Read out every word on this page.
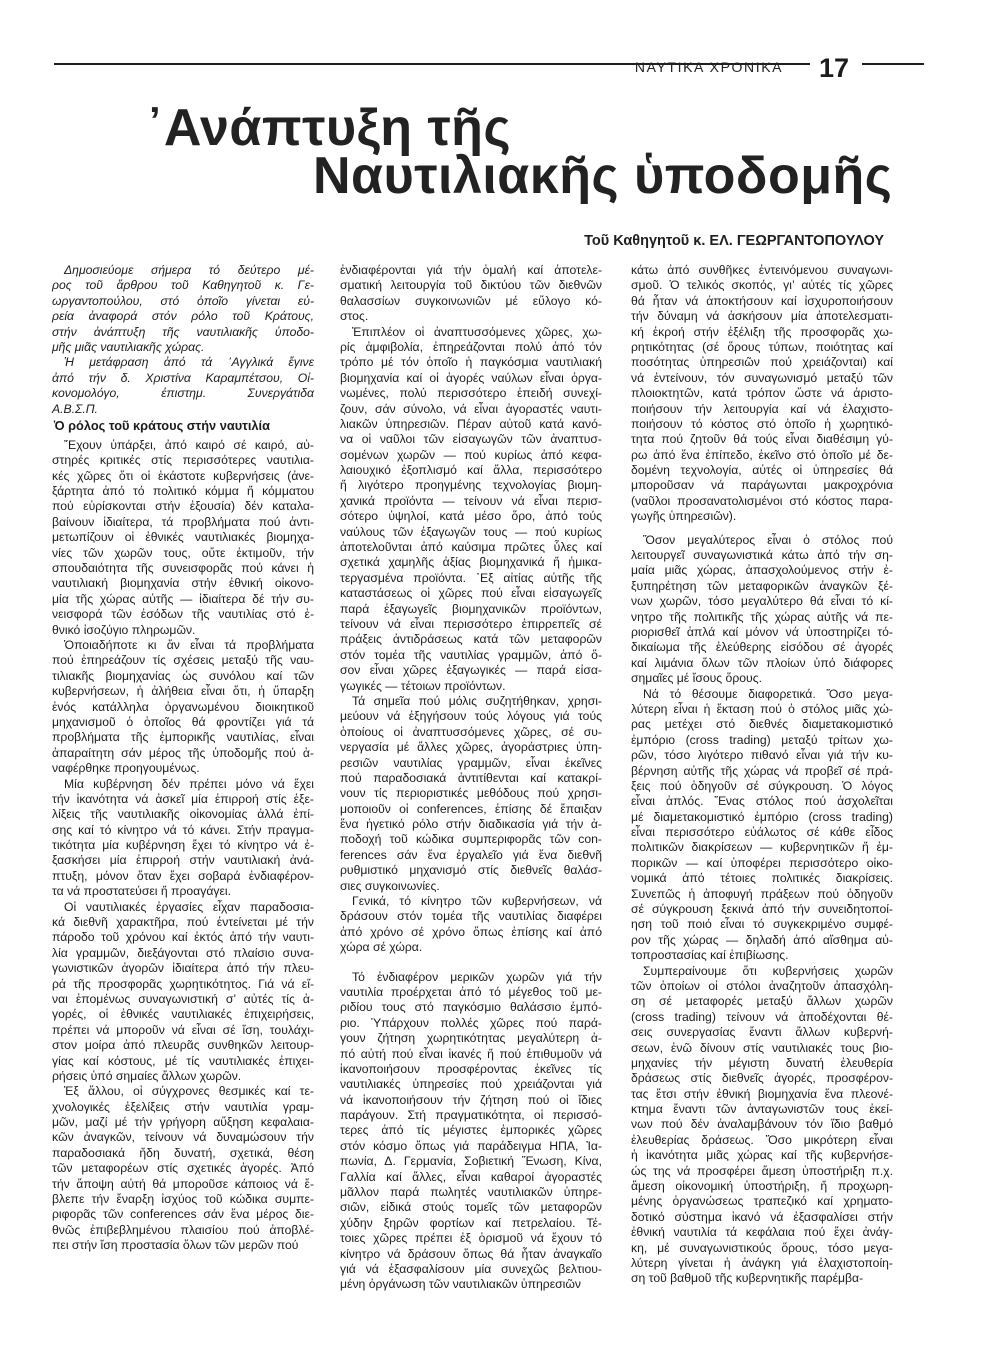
ΝΑΥΤΙΚΑ ΧΡΟΝΙΚΑ	17
᾿Ανάπτυξη τῆς
Ναυτιλιακῆς ὑποδομῆς
Τοῦ Καθηγητοῦ κ. ΕΛ. ΓΕΩΡΓΑΝΤΟΠΟΥΛΟΥ
Δημοσιεύομε σήμερα τό δεύτερο μέ-
ρος τοῦ ἄρθρου τοῦ Καθηγητοῦ κ. Γε-
ωργαντοπούλου, στό ὁποῖο γίνεται εὐ-
ρεία ἀναφορά στόν ρόλο τοῦ Κράτους,
στήν ἀνάπτυξη τῆς ναυτιλιακῆς ὑποδο-
μῆς μιᾶς ναυτιλιακῆς χώρας.
Ἡ μετάφραση ἀπό τά ᾿Αγγλικά ἔγινε
ἀπό τήν δ. Χριστίνα Καραμπέτσου, Οἰ-
κονομολόγο, ἐπιστημ. Συνεργάτιδα
Α.Β.Σ.Π.
Ὁ ρόλος τοῦ κράτους στήν ναυτιλία
῎Εχουν ὑπάρξει, ἀπό καιρό σέ καιρό, αὐ-
στηρές κριτικές στίς περισσότερες ναυτιλια-
κές χῶρες ὅτι οἱ ἑκάστοτε κυβερνήσεις (ἀνε-
ξάρτητα ἀπό τό πολιτικό κόμμα ἤ κόμματου
πού εὑρίσκονται στήν ἐξουσία) δέν καταλα-
βαίνουν ἰδιαίτερα, τά προβλήματα πού ἀντι-
μετωπίζουν οἱ ἐθνικές ναυτιλιακές βιομηχα-
νίες τῶν χωρῶν τους, οὔτε ἐκτιμοῦν, τήν
σπουδαιότητα τῆς συνεισφορᾶς πού κάνει ἡ
ναυτιλιακή βιομηχανία στήν ἐθνική οἰκονο-
μία τῆς χώρας αὐτῆς — ἰδιαίτερα δέ τήν συ-
νεισφορά τῶν ἐσόδων τῆς ναυτιλίας στό ἐ-
θνικό ἰσοζύγιο πληρωμῶν.
Ὁποιαδήποτε κι ἄν εἶναι τά προβλήματα
πού ἐπηρεάζουν τίς σχέσεις μεταξύ τῆς ναυ-
τιλιακῆς βιομηχανίας ὡς συνόλου καί τῶν
κυβερνήσεων, ἡ ἀλήθεια εἶναι ὅτι, ἡ ὕπαρξη
ἑνός κατάλληλα ὀργανωμένου διοικητικοῦ
μηχανισμοῦ ὁ ὁποῖος θά φροντίζει γιά τά
προβλήματα τῆς ἐμπορικῆς ναυτιλίας, εἶναι
ἀπαραίτητη σάν μέρος τῆς ὑποδομῆς πού ἀ-
ναφέρθηκε προηγουμένως.
Μία κυβέρνηση δέν πρέπει μόνο νά ἔχει
τήν ἱκανότητα νά ἀσκεῖ μία ἐπιρροή στίς ἐξε-
λίξεις τῆς ναυτιλιακῆς οἰκονομίας ἀλλά ἐπί-
σης καί τό κίνητρο νά τό κάνει. Στήν πραγμα-
τικότητα μία κυβέρνηση ἔχει τό κίνητρο νά ἐ-
ξασκήσει μία ἐπιρροή στήν ναυτιλιακή ἀνά-
πτυξη, μόνον ὅταν ἔχει σοβαρά ἐνδιαφέρον-
τα νά προστατεύσει ἤ προαγάγει.
Οἱ ναυτιλιακές ἐργασίες εἶχαν παραδοσια-
κά διεθνῆ χαρακτῆρα, πού ἐντείνεται μέ τήν
πάροδο τοῦ χρόνου καί ἐκτός ἀπό τήν ναυτι-
λία γραμμῶν, διεξάγονται στό πλαίσιο συνα-
γωνιστικῶν ἀγορῶν ἰδιαίτερα ἀπό τήν πλευ-
ρά τῆς προσφορᾶς χωρητικότητος. Γιά νά εἴ-
ναι ἑπομένως συναγωνιστική σ’ αὐτές τίς ἀ-
γορές, οἱ ἐθνικές ναυτιλιακές ἐπιχειρήσεις,
πρέπει νά μποροῦν νά εἶναι σέ ἴση, τουλάχι-
στον μοίρα ἀπό πλευρᾶς συνθηκῶν λειτουρ-
γίας καί κόστους, μέ τίς ναυτιλιακές ἐπιχει-
ρήσεις ὑπό σημαίες ἄλλων χωρῶν.
Ἐξ ἄλλου, οἱ σύγχρονες θεσμικές καί τε-
χνολογικές ἐξελίξεις στήν ναυτιλία γραμ-
μῶν, μαζί μέ τήν γρήγορη αὔξηση κεφαλαια-
κῶν ἀναγκῶν, τείνουν νά δυναμώσουν τήν
παραδοσιακά ἤδη δυνατή, σχετικά, θέση
τῶν μεταφορέων στίς σχετικές ἀγορές. Ἀπό
τήν ἄποψη αὐτή θά μποροῦσε κάποιος νά ἔ-
βλεπε τήν ἔναρξη ἰσχύος τοῦ κώδικα συμπε-
ριφορᾶς τῶν conferences σάν ἕνα μέρος διε-
θνῶς ἐπιβεβλημένου πλαισίου πού ἀποβλέ-
πει στήν ἴση προστασία ὅλων τῶν μερῶν πού
ἐνδιαφέρονται γιά τήν ὁμαλή καί ἀποτελε-
σματική λειτουργία τοῦ δικτύου τῶν διεθνῶν
θαλασσίων συγκοινωνιῶν μέ εὔλογο κό-
στος.
Ἐπιπλέον οἱ ἀναπτυσσόμενες χῶρες, χω-
ρίς ἀμφιβολία, ἐπηρεάζονται πολύ ἀπό τόν
τρόπο μέ τόν ὁποῖο ἡ παγκόσμια ναυτιλιακή
βιομηχανία καί οἱ ἀγορές ναύλων εἶναι ὀργα-
νωμένες, πολύ περισσότερο ἐπειδή συνεχί-
ζουν, σάν σύνολο, νά εἶναι ἀγοραστές ναυτι-
λιακῶν ὑπηρεσιῶν. Πέραν αὐτοῦ κατά κανό-
να οἱ ναῦλοι τῶν εἰσαγωγῶν τῶν ἀναπτυσ-
σομένων χωρῶν — πού κυρίως ἀπό κεφα-
λαιουχικό ἐξοπλισμό καί ἄλλα, περισσότερο
ἤ λιγότερο προηγμένης τεχνολογίας βιομη-
χανικά προϊόντα — τείνουν νά εἶναι περισ-
σότερο ὑψηλοί, κατά μέσο ὅρο, ἀπό τούς
ναύλους τῶν ἐξαγωγῶν τους — πού κυρίως
ἀποτελοῦνται ἀπό καύσιμα πρῶτες ὗλες καί
σχετικά χαμηλῆς ἀξίας βιομηχανικά ἤ ἡμικα-
τεργασμένα προϊόντα. ᾿Εξ αἰτίας αὐτῆς τῆς
καταστάσεως οἱ χῶρες πού εἶναι εἰσαγωγεῖς
παρά ἐξαγωγεῖς βιομηχανικῶν προϊόντων,
τείνουν νά εἶναι περισσότερο ἐπιρρεπεῖς σέ
πράξεις ἀντιδράσεως κατά τῶν μεταφορῶν
στόν τομέα τῆς ναυτιλίας γραμμῶν, ἀπό ὅ-
σον εἶναι χῶρες ἐξαγωγικές — παρά εἰσα-
γωγικές — τέτοιων προϊόντων.
Τά σημεῖα πού μόλις συζητήθηκαν, χρησι-
μεύουν νά ἐξηγήσουν τούς λόγους γιά τούς
ὁποίους οἱ ἀναπτυσσόμενες χῶρες, σέ συ-
νεργασία μέ ἄλλες χῶρες, ἀγοράστριες ὑπη-
ρεσιῶν ναυτιλίας γραμμῶν, εἶναι ἐκεῖνες
πού παραδοσιακά ἀντιτίθενται καί κατακρί-
νουν τίς περιοριστικές μεθόδους πού χρησι-
μοποιοῦν οἱ conferences, ἐπίσης δέ ἔπαιξαν
ἕνα ἡγετικό ρόλο στήν διαδικασία γιά τήν ἀ-
ποδοχή τοῦ κώδικα συμπεριφορᾶς τῶν con-
ferences σάν ἕνα ἐργαλεῖο γιά ἕνα διεθνῆ
ρυθμιστικό μηχανισμό στίς διεθνεῖς θαλάσ-
σιες συγκοινωνίες.
Γενικά, τό κίνητρο τῶν κυβερνήσεων, νά
δράσουν στόν τομέα τῆς ναυτιλίας διαφέρει
ἀπό χρόνο σέ χρόνο ὅπως ἐπίσης καί ἀπό
χώρα σέ χώρα.
Τό ἐνδιαφέρον μερικῶν χωρῶν γιά τήν
ναυτιλία προέρχεται ἀπό τό μέγεθος τοῦ με-
ριδίου τους στό παγκόσμιο θαλάσσιο ἐμπό-
ριο. Ὑπάρχουν πολλές χῶρες πού παρά-
γουν ζήτηση χωρητικότητας μεγαλύτερη ἀ-
πό αὐτή πού εἶναι ἱκανές ἤ πού ἐπιθυμοῦν νά
ἱκανοποιήσουν προσφέροντας ἐκεῖνες τίς
ναυτιλιακές ὑπηρεσίες πού χρειάζονται γιά
νά ἱκανοποιήσουν τήν ζήτηση πού οἱ ἴδιες
παράγουν. Στή πραγματικότητα, οἱ περισσό-
τερες ἀπό τίς μέγιστες ἐμπορικές χῶρες
στόν κόσμο ὅπως γιά παράδειγμα ΗΠΑ, Ἰα-
πωνία, Δ. Γερμανία, Σοβιετική Ἕνωση, Κίνα,
Γαλλία καί ἄλλες, εἶναι καθαροί ἀγοραστές
μᾶλλον παρά πωλητές ναυτιλιακῶν ὑπηρε-
σιῶν, εἰδικά στούς τομεῖς τῶν μεταφορῶν
χύδην ξηρῶν φορτίων καί πετρελαίου. Τέ-
τοιες χῶρες πρέπει ἐξ ὁρισμοῦ νά ἔχουν τό
κίνητρο νά δράσουν ὅπως θά ἦταν ἀναγκαῖο
γιά νά ἐξασφαλίσουν μία συνεχῶς βελτιου-
μένη ὀργάνωση τῶν ναυτιλιακῶν ὑπηρεσιῶν
κάτω ἀπό συνθῆκες ἐντεινόμενου συναγωνι-
σμοῦ. Ὁ τελικός σκοπός, γι’ αὐτές τίς χῶρες
θά ἦταν νά ἀποκτήσουν καί ἰσχυροποιήσουν
τήν δύναμη νά ἀσκήσουν μία ἀποτελεσματι-
κή ἐκροή στήν ἐξέλιξη τῆς προσφορᾶς χω-
ρητικότητας (σέ ὅρους τύπων, ποιότητας καί
ποσότητας ὑπηρεσιῶν πού χρειάζονται) καί
νά ἐντείνουν, τόν συναγωνισμό μεταξύ τῶν
πλοιοκτητῶν, κατά τρόπον ὥστε νά ἀριστο-
ποιήσουν τήν λειτουργία καί νά ἐλαχιστο-
ποιήσουν τό κόστος στό ὁποῖο ἡ χωρητικό-
τητα πού ζητοῦν θά τούς εἶναι διαθέσιμη γύ-
ρω ἀπό ἕνα ἐπίπεδο, ἐκεῖνο στό ὁποῖο μέ δε-
δομένη τεχνολογία, αὐτές οἱ ὑπηρεσίες θά
μποροῦσαν νά παράγωνται μακροχρόνια
(ναῦλοι προσανατολισμένοι στό κόστος παρα-
γωγῆς ὑπηρεσιῶν).
Ὅσον μεγαλύτερος εἶναι ὁ στόλος πού
λειτουργεῖ συναγωνιστικά κάτω ἀπό τήν ση-
μαία μιᾶς χώρας, ἀπασχολούμενος στήν ἐ-
ξυπηρέτηση τῶν μεταφορικῶν ἀναγκῶν ξέ-
νων χωρῶν, τόσο μεγαλύτερο θά εἶναι τό κί-
νητρο τῆς πολιτικῆς τῆς χώρας αὐτῆς νά πε-
ριορισθεῖ ἁπλά καί μόνον νά ὑποστηρίζει τό-
δικαίωμα τῆς ἐλεύθερης εἰσόδου σέ ἀγορές
καί λιμάνια ὅλων τῶν πλοίων ὑπό διάφορες
σημαῖες μέ ἴσους ὅρους.
Νά τό θέσουμε διαφορετικά. Ὅσο μεγα-
λύτερη εἶναι ἡ ἔκταση πού ὁ στόλος μιᾶς χώ-
ρας μετέχει στό διεθνές διαμετακομιστικό
ἐμπόριο (cross trading) μεταξύ τρίτων χω-
ρῶν, τόσο λιγότερο πιθανό εἶναι γιά τήν κυ-
βέρνηση αὐτῆς τῆς χώρας νά προβεῖ σέ πρά-
ξεις πού ὁδηγοῦν σέ σύγκρουση. Ὁ λόγος
εἶναι ἁπλός. Ἕνας στόλος πού ἀσχολεῖται
μέ διαμετακομιστικό ἐμπόριο (cross trading)
εἶναι περισσότερο εὐάλωτος σέ κάθε εἶδος
πολιτικῶν διακρίσεων — κυβερνητικῶν ἤ ἐμ-
πορικῶν — καί ὑποφέρει περισσότερο οἰκο-
νομικά ἀπό τέτοιες πολιτικές διακρίσεις.
Συνεπῶς ἡ ἀποφυγή πράξεων πού ὁδηγοῦν
σέ σύγκρουση ξεκινά ἀπό τήν συνειδητοποί-
ηση τοῦ ποιό εἶναι τό συγκεκριμένο συμφέ-
ρον τῆς χώρας — δηλαδή ἀπό αἴσθημα αὐ-
τοπροστασίας καί ἐπιβίωσης.
Συμπεραίνουμε ὅτι κυβερνήσεις χωρῶν
τῶν ὁποίων οἱ στόλοι ἀναζητοῦν ἀπασχόλη-
ση σέ μεταφορές μεταξύ ἄλλων χωρῶν
(cross trading) τείνουν νά ἀποδέχονται θέ-
σεις συνεργασίας ἔναντι ἄλλων κυβερνή-
σεων, ἐνῶ δίνουν στίς ναυτιλιακές τους βιο-
μηχανίες τήν μέγιστη δυνατή ἐλευθερία
δράσεως στίς διεθνεῖς ἀγορές, προσφέρον-
τας ἔτσι στήν ἐθνική βιομηχανία ἕνα πλεονέ-
κτημα ἔναντι τῶν ἀνταγωνιστῶν τους ἐκεί-
νων πού δέν ἀναλαμβάνουν τόν ἴδιο βαθμό
ἐλευθερίας δράσεως. Ὅσο μικρότερη εἶναι
ἡ ἱκανότητα μιᾶς χώρας καί τῆς κυβερνήσε-
ώς της νά προσφέρει ἄμεση ὑποστήριξη π.χ.
ἄμεση οἰκονομική ὑποστήριξη, ἤ προχωρη-
μένης ὀργανώσεως τραπεζικό καί χρηματο-
δοτικό σύστημα ἱκανό νά ἐξασφαλίσει στήν
ἐθνική ναυτιλία τά κεφάλαια πού ἔχει ἀνάγ-
κη, μέ συναγωνιστικούς ὅρους, τόσο μεγα-
λύτερη γίνεται ἡ ἀνάγκη γιά ἐλαχιστοποίη-
ση τοῦ βαθμοῦ τῆς κυβερνητικῆς παρέμβα-
